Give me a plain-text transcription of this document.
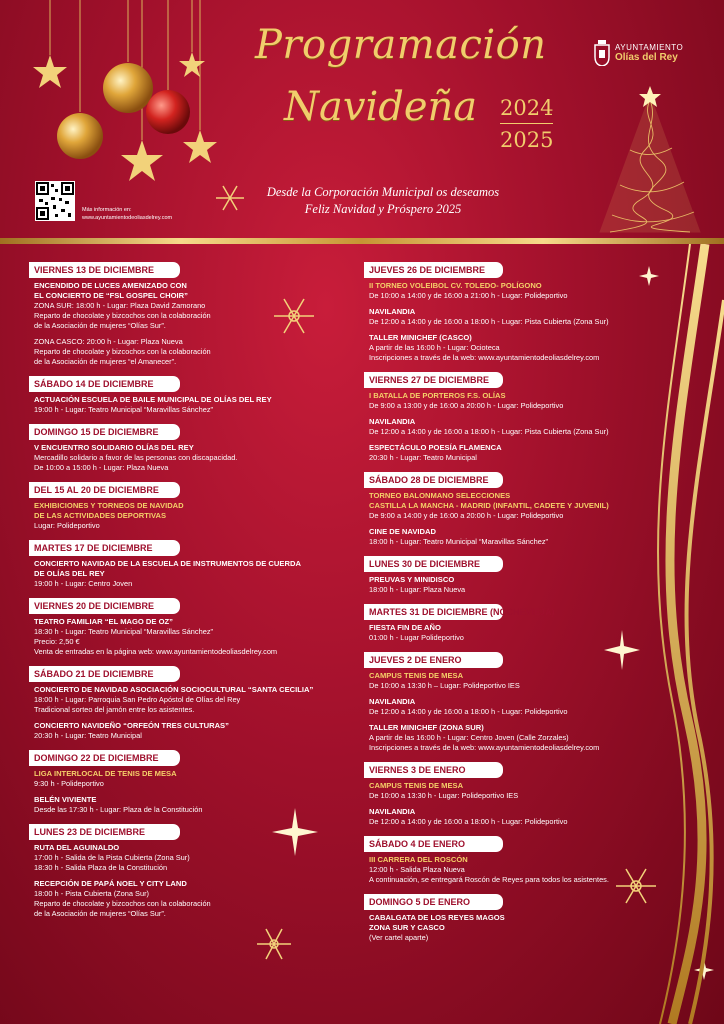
Programación
Navideña 2024
2025
Desde la Corporación Municipal os deseamos
Feliz Navidad y Próspero 2025
AYUNTAMIENTO
Olías del Rey
Más información en:
www.ayuntamientodeoliasdelrey.com
VIERNES 13 DE DICIEMBRE
ENCENDIDO DE LUCES AMENIZADO CON
EL CONCIERTO DE “FSL GOSPEL CHOIR”
ZONA SUR: 18:00 h - Lugar: Plaza David Zamorano
Reparto de chocolate y bizcochos con la colaboración
de la Asociación de mujeres “Olías Sur”.
ZONA CASCO: 20:00 h - Lugar: Plaza Nueva
Reparto de chocolate y bizcochos con la colaboración
de la Asociación de mujeres “el Amanecer”.
SÁBADO 14 DE DICIEMBRE
ACTUACIÓN ESCUELA DE BAILE MUNICIPAL DE OLÍAS DEL REY
19:00 h - Lugar: Teatro Municipal “Maravillas Sánchez”
DOMINGO 15 DE DICIEMBRE
V ENCUENTRO SOLIDARIO OLÍAS DEL REY
Mercadillo solidario a favor de las personas con discapacidad.
De 10:00 a 15:00 h - Lugar: Plaza Nueva
DEL 15 AL 20 DE DICIEMBRE
EXHIBICIONES Y TORNEOS DE NAVIDAD
DE LAS ACTIVIDADES DEPORTIVAS
Lugar: Polideportivo
MARTES 17 DE DICIEMBRE
CONCIERTO NAVIDAD DE LA ESCUELA DE INSTRUMENTOS DE CUERDA
DE OLÍAS DEL REY
19:00 h - Lugar: Centro Joven
VIERNES 20 DE DICIEMBRE
TEATRO FAMILIAR “EL MAGO DE OZ”
18:30 h - Lugar: Teatro Municipal “Maravillas Sánchez”
Precio: 2,50 €
Venta de entradas en la página web: www.ayuntamientodeoliasdelrey.com
SÁBADO 21 DE DICIEMBRE
CONCIERTO DE NAVIDAD ASOCIACIÓN SOCIOCULTURAL “SANTA CECILIA”
18:00 h - Lugar: Parroquia San Pedro Apóstol de Olías del Rey
Tradicional sorteo del jamón entre los asistentes.
CONCIERTO NAVIDEÑO “ORFEÓN TRES CULTURAS”
20:30 h - Lugar: Teatro Municipal
DOMINGO 22 DE DICIEMBRE
LIGA INTERLOCAL DE TENIS DE MESA
9:30 h - Polideportivo
BELÉN VIVIENTE
Desde las 17:30 h - Lugar: Plaza de la Constitución
LUNES 23 DE DICIEMBRE
RUTA DEL AGUINALDO
17:00 h - Salida de la Pista Cubierta (Zona Sur)
18:30 h - Salida Plaza de la Constitución
RECEPCIÓN DE PAPÁ NOEL Y CITY LAND
18:00 h - Pista Cubierta (Zona Sur)
Reparto de chocolate y bizcochos con la colaboración
de la Asociación de mujeres “Olías Sur”.
JUEVES 26 DE DICIEMBRE
II TORNEO VOLEIBOL CV. TOLEDO- POLÍGONO
De 10:00 a 14:00 y de 16:00 a 21:00 h - Lugar: Polideportivo
NAVILANDIA
De 12:00 a 14:00 y de 16:00 a 18:00 h - Lugar: Pista Cubierta (Zona Sur)
TALLER MINICHEF (CASCO)
A partir de las 16:00 h - Lugar: Ocioteca
Inscripciones a través de la web: www.ayuntamientodeoliasdelrey.com
VIERNES 27 DE DICIEMBRE
I BATALLA DE PORTEROS F.S. OLÍAS
De 9:00 a 13:00 y de 16:00 a 20:00 h - Lugar: Polideportivo
NAVILANDIA
De 12:00 a 14:00 y de 16:00 a 18:00 h - Lugar: Pista Cubierta (Zona Sur)
ESPECTÁCULO POESÍA FLAMENCA
20:30 h - Lugar: Teatro Municipal
SÁBADO 28 DE DICIEMBRE
TORNEO BALONMANO SELECCIONES
CASTILLA LA MANCHA - MADRID (INFANTIL, CADETE Y JUVENIL)
De 9:00 a 14:00 y de 16:00 a 20:00 h - Lugar: Polideportivo
CINE DE NAVIDAD
18:00 h - Lugar: Teatro Municipal “Maravillas Sánchez”
LUNES 30 DE DICIEMBRE
PREUVAS Y MINIDISCO
18:00 h - Lugar: Plaza Nueva
MARTES 31 DE DICIEMBRE (NOCHEVIEJA)
FIESTA FIN DE AÑO
01:00 h - Lugar Polideportivo
JUEVES 2 DE ENERO
CAMPUS TENIS DE MESA
De 10:00 a 13:30 h – Lugar: Polideportivo IES
NAVILANDIA
De 12:00 a 14:00 y de 16:00 a 18:00 h - Lugar: Polideportivo
TALLER MINICHEF (ZONA SUR)
A partir de las 16:00 h - Lugar: Centro Joven (Calle Zorzales)
Inscripciones a través de la web: www.ayuntamientodeoliasdelrey.com
VIERNES 3 DE ENERO
CAMPUS TENIS DE MESA
De 10:00 a 13:30 h - Lugar: Polideportivo IES
NAVILANDIA
De 12:00 a 14:00 y de 16:00 a 18:00 h - Lugar: Polideportivo
SÁBADO 4 DE ENERO
III CARRERA DEL ROSCÓN
12:00 h - Salida Plaza Nueva
A continuación, se entregará Roscón de Reyes para todos los asistentes.
DOMINGO 5 DE ENERO
CABALGATA DE LOS REYES MAGOS
ZONA SUR Y CASCO
(Ver cartel aparte)
